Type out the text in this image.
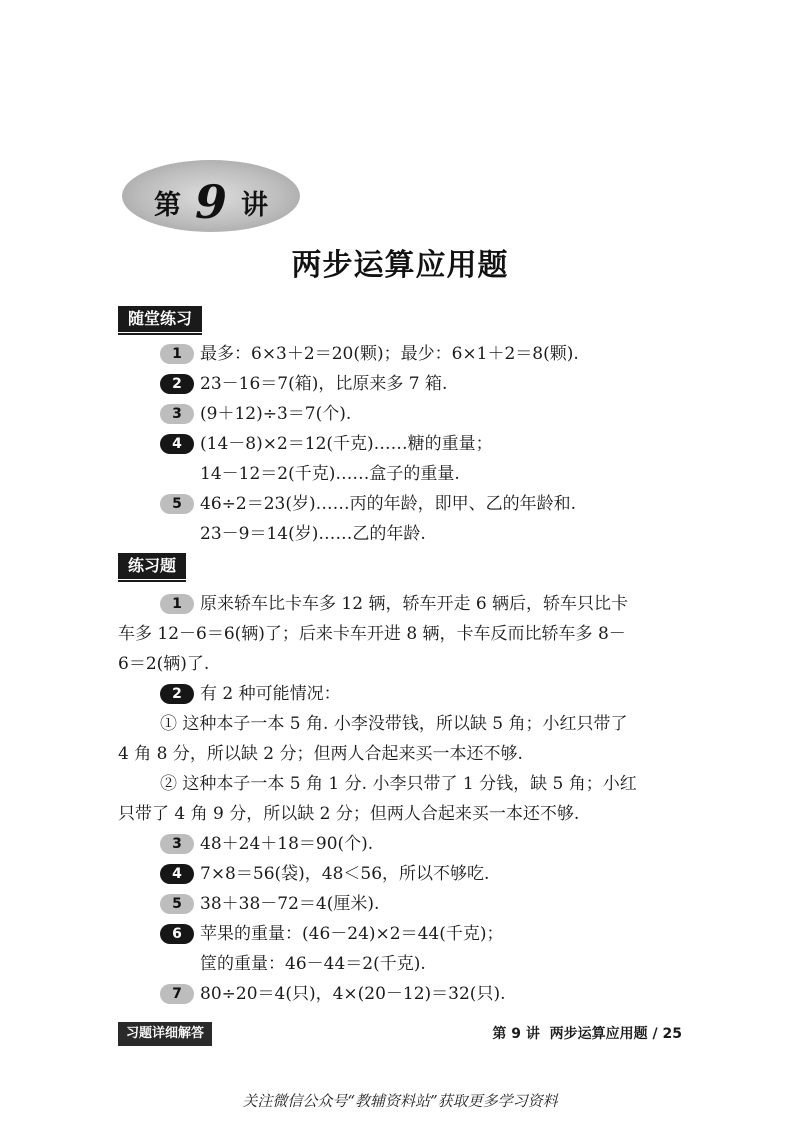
第 9 讲
两步运算应用题
随堂练习
1 最多：6×3＋2＝20(颗)；最少：6×1＋2＝8(颗).
2 23－16＝7(箱)，比原来多 7 箱.
3 (9＋12)÷3＝7(个).
4 (14－8)×2＝12(千克)……糖的重量；
14－12＝2(千克)……盒子的重量.
5 46÷2＝23(岁)……丙的年龄，即甲、乙的年龄和.
23－9＝14(岁)……乙的年龄.
练习题
1 原来轿车比卡车多 12 辆，轿车开走 6 辆后，轿车只比卡
车多 12－6＝6(辆)了；后来卡车开进 8 辆，卡车反而比轿车多 8－
6＝2(辆)了.
2 有 2 种可能情况：
① 这种本子一本 5 角. 小李没带钱，所以缺 5 角；小红只带了
4 角 8 分，所以缺 2 分；但两人合起来买一本还不够.
② 这种本子一本 5 角 1 分. 小李只带了 1 分钱，缺 5 角；小红
只带了 4 角 9 分，所以缺 2 分；但两人合起来买一本还不够.
3 48＋24＋18＝90(个).
4 7×8＝56(袋)，48＜56，所以不够吃.
5 38＋38－72＝4(厘米).
6 苹果的重量：(46－24)×2＝44(千克)；
筐的重量：46－44＝2(千克).
7 80÷20＝4(只)，4×(20－12)＝32(只).
习题详细解答	第 9 讲  两步运算应用题 / 25
关注微信公众号“教辅资料站”获取更多学习资料
